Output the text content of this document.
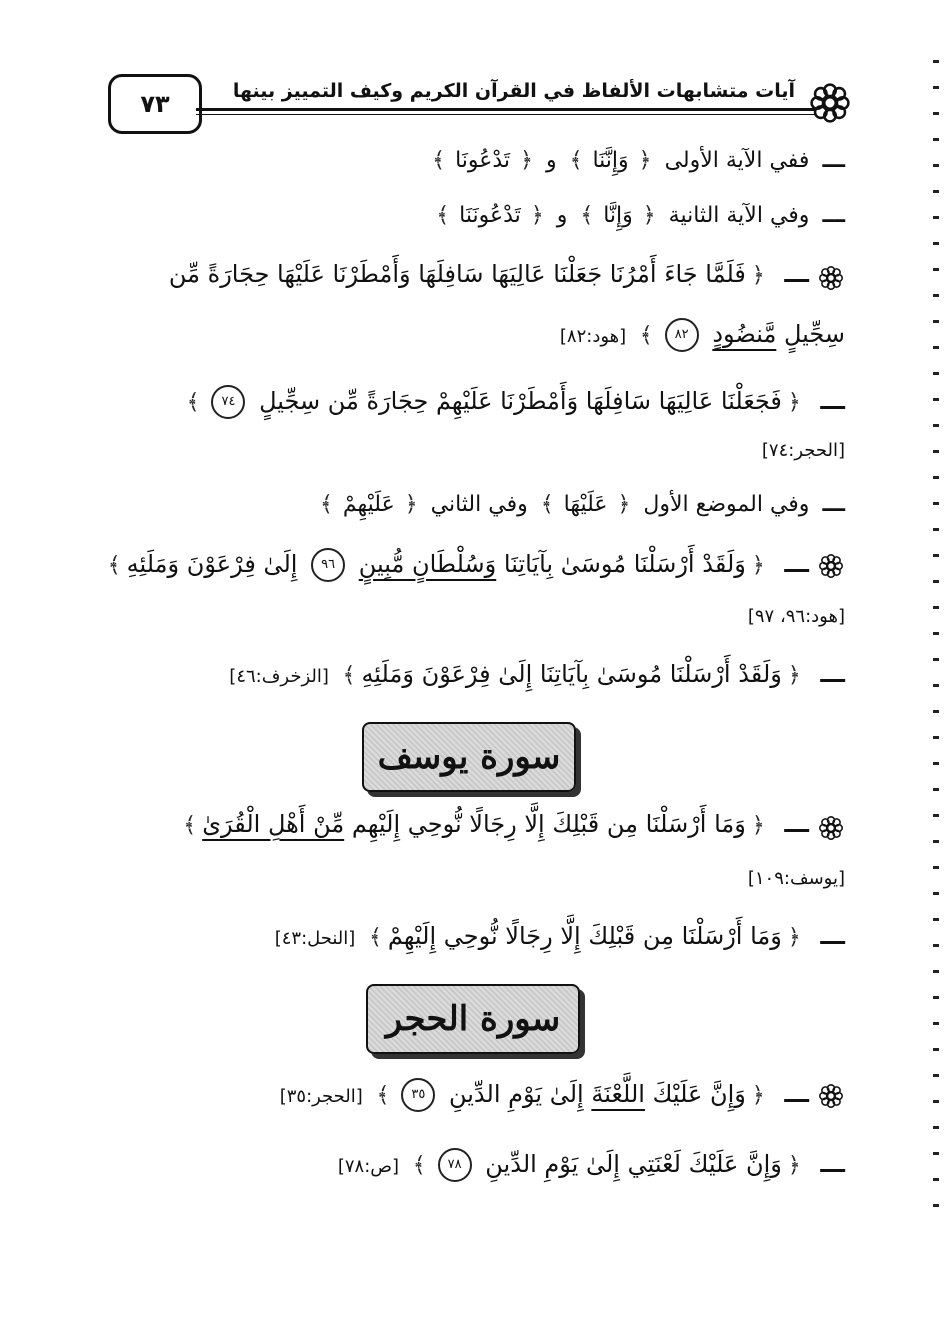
٧٣	آيات متشابهات الألفاظ في القرآن الكريم وكيف التمييز بينها
ـــ ففي الآية الأولى ﴿وَإِنَّنَا﴾ و ﴿تَدْعُونَا﴾
ـــ وفي الآية الثانية ﴿وَإِنَّا﴾ و ﴿تَدْعُونَنَا﴾
ـــ ﴿فَلَمَّا جَاءَ أَمْرُنَا جَعَلْنَا عَالِيَهَا سَافِلَهَا وَأَمْطَرْنَا عَلَيْهَا حِجَارَةً مِّن
سِجِّيلٍ مَّنضُودٍ ٨٢﴾ [هود:٨٢]
ـــ ﴿فَجَعَلْنَا عَالِيَهَا سَافِلَهَا وَأَمْطَرْنَا عَلَيْهِمْ حِجَارَةً مِّن سِجِّيلٍ ٧٤﴾
[الحجر:٧٤]
ـــ وفي الموضع الأول ﴿عَلَيْهَا﴾ وفي الثاني ﴿عَلَيْهِمْ﴾
ـــ ﴿وَلَقَدْ أَرْسَلْنَا مُوسَىٰ بِآيَاتِنَا وَسُلْطَانٍ مُّبِينٍ ٩٦ إِلَىٰ فِرْعَوْنَ وَمَلَئِهِ﴾
[هود:٩٦، ٩٧]
ـــ ﴿وَلَقَدْ أَرْسَلْنَا مُوسَىٰ بِآيَاتِنَا إِلَىٰ فِرْعَوْنَ وَمَلَئِهِ﴾ [الزخرف:٤٦]
سورة يوسف
ـــ ﴿وَمَا أَرْسَلْنَا مِن قَبْلِكَ إِلَّا رِجَالًا نُّوحِي إِلَيْهِم مِّنْ أَهْلِ الْقُرَىٰ﴾
[يوسف:١٠٩]
ـــ ﴿وَمَا أَرْسَلْنَا مِن قَبْلِكَ إِلَّا رِجَالًا نُّوحِي إِلَيْهِمْ﴾ [النحل:٤٣]
سورة الحجر
ـــ ﴿وَإِنَّ عَلَيْكَ اللَّعْنَةَ إِلَىٰ يَوْمِ الدِّينِ ٣٥﴾ [الحجر:٣٥]
ـــ ﴿وَإِنَّ عَلَيْكَ لَعْنَتِي إِلَىٰ يَوْمِ الدِّينِ ٧٨﴾ [ص:٧٨]
